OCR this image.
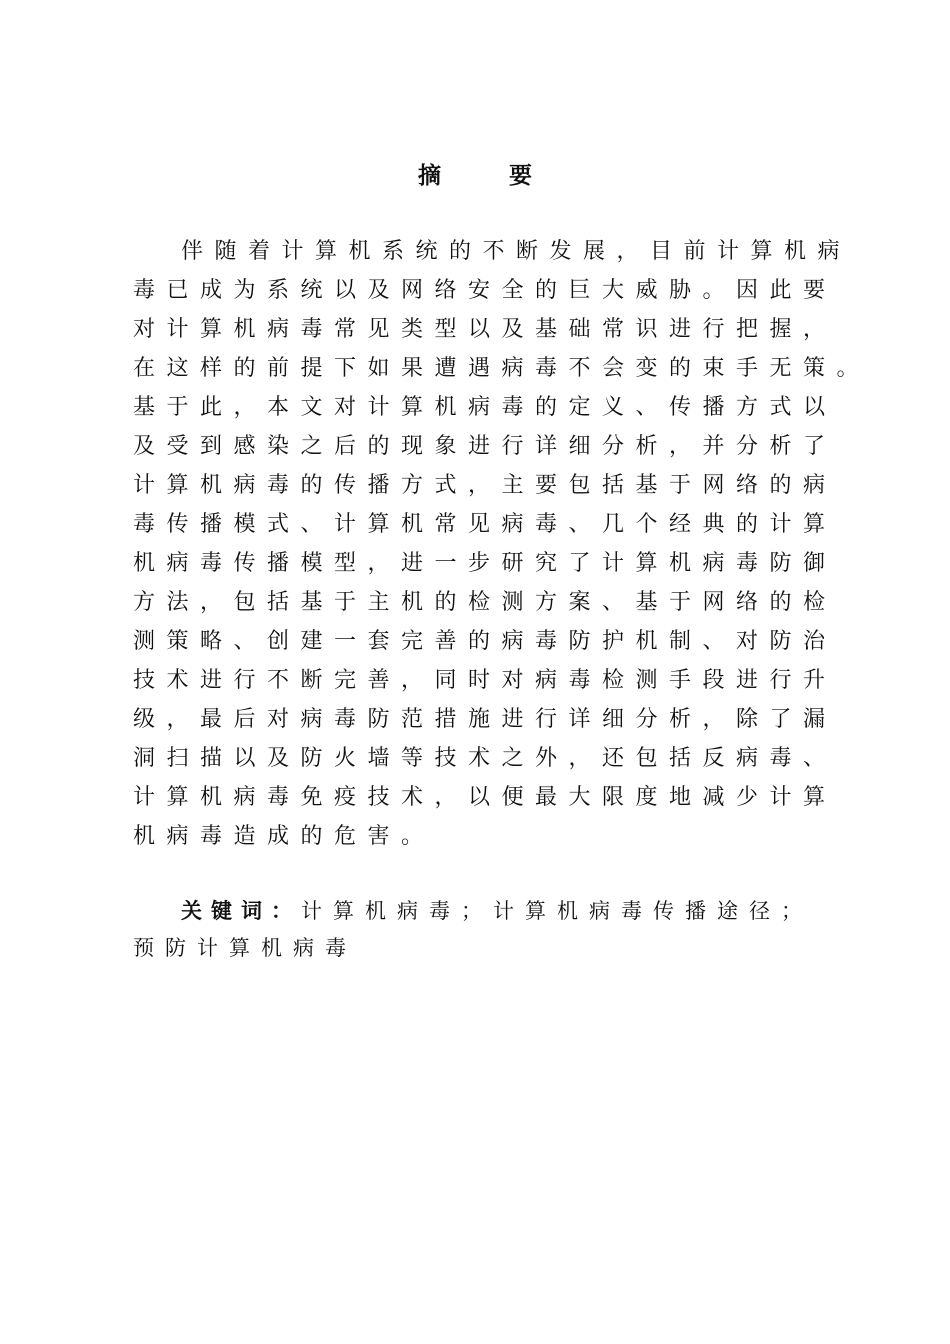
摘 要
伴随着计算机系统的不断发展，目前计算机病
毒已成为系统以及网络安全的巨大威胁。因此要
对计算机病毒常见类型以及基础常识进行把握，
在这样的前提下如果遭遇病毒不会变的束手无策。
基于此，本文对计算机病毒的定义、传播方式以
及受到感染之后的现象进行详细分析，并分析了
计算机病毒的传播方式，主要包括基于网络的病
毒传播模式、计算机常见病毒、几个经典的计算
机病毒传播模型，进一步研究了计算机病毒防御
方法，包括基于主机的检测方案、基于网络的检
测策略、创建一套完善的病毒防护机制、对防治
技术进行不断完善，同时对病毒检测手段进行升
级，最后对病毒防范措施进行详细分析，除了漏
洞扫描以及防火墙等技术之外，还包括反病毒、
计算机病毒免疫技术，以便最大限度地减少计算
机病毒造成的危害。
关键词：计算机病毒；计算机病毒传播途径；
预防计算机病毒
